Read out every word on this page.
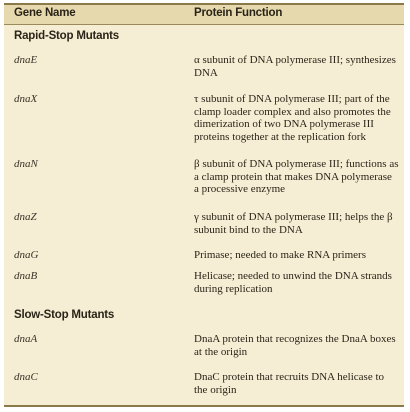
Gene Name	Protein Function
Rapid-Stop Mutants
dnaE	α subunit of DNA polymerase III; synthesizes DNA
dnaX	τ subunit of DNA polymerase III; part of the clamp loader complex and also promotes the dimerization of two DNA polymerase III proteins together at the replication fork
dnaN	β subunit of DNA polymerase III; functions as a clamp protein that makes DNA polymerase a processive enzyme
dnaZ	γ subunit of DNA polymerase III; helps the β subunit bind to the DNA
dnaG	Primase; needed to make RNA primers
dnaB	Helicase; needed to unwind the DNA strands during replication
Slow-Stop Mutants
dnaA	DnaA protein that recognizes the DnaA boxes at the origin
dnaC	DnaC protein that recruits DNA helicase to the origin
